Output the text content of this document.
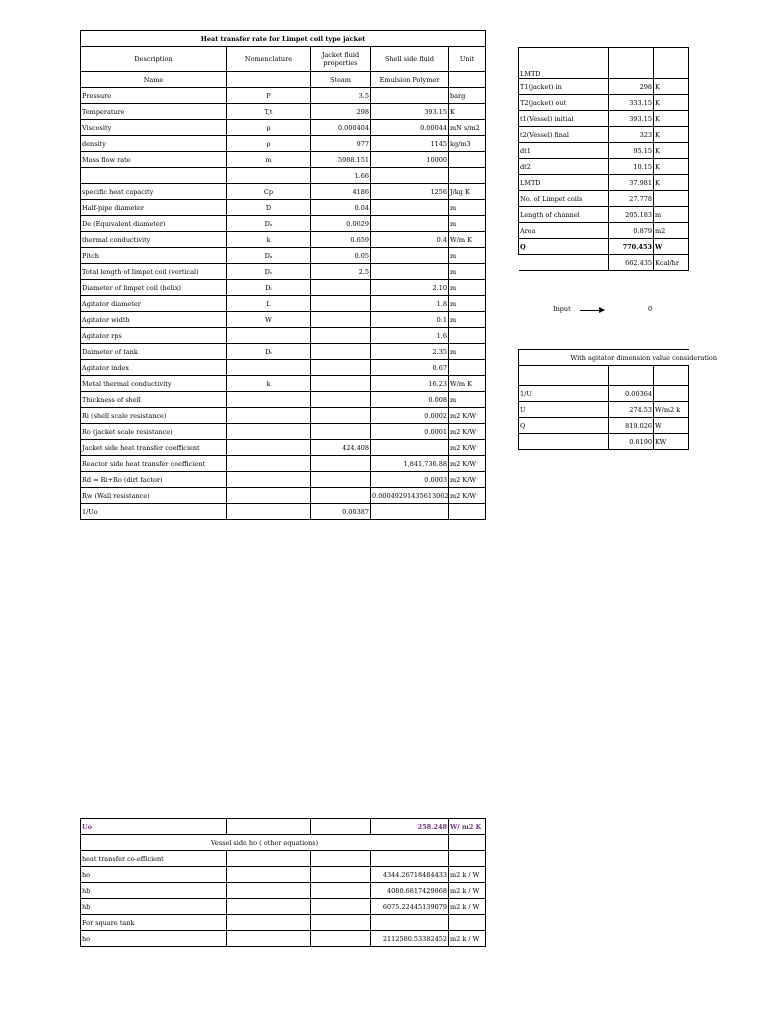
Heat transfer rate for Limpet coil type jacket				
Description	Nomenclature	Jacket fluid properties	Shell side fluid	Unit
Name		Steam	Emulsion Polymer	
Pressure	P	3.5		barg
Temperature	T,t	298	393.15	K
Viscosity	μ	0.000404	0.00044	mN s/m2
density	ρ	977	1145	kg/m3
Mass flow rate	m	5988.151	10000	
		1.66		
specific heat capacity	Cp	4186	1256	J/kg K
Half-pipe diameter	D	0.04		m
De (Equivalent diameter)	Dₑ	0.0629		m
thermal conductivity	k	0.659	0.4	W/m K
Pitch	Dₚ	0.05		m
Total length of limpet coil (vertical)	Dᵥ	2.5		m
Diameter of limpet coil (helix)	Dₗ		2.10	m
Agitator diameter	L		1.8	m
Agitator width	W		0.1	m
Agitator rps			1.6	
Daimeter of tank	Dₜ		2.35	m
Agitator index			0.67	
Metal thermal conductivity	k		16.23	W/m K
Thickness of shell			0.008	m
Ri (shell scale resistance)			0.0002	m2 K/W
Ro (jacket scale resistance)			0.0001	m2 K/W
Jacket side heat transfer coefficient		424.408		m2 K/W
Reactor side heat transfer coefficient			1,841,736.88	m2 K/W
Rd = Ri+Ro (dirt factor)			0.0003	m2 K/W
Rw (Wall resistance)			0.00049291435613062	m2 K/W
1/Uo		0.00387		
LMTD		
T1(jacket) in	298	K
T2(jacket) out	333.15	K
t1(Vessel) initial	393.15	K
t2(Vessel) final	323	K
dt1	95.15	K
dt2	10.15	K
LMTD	37.981	K
No. of Limpet coils	27.778	
Length of channel	205.183	m
Area	0.879	m2
Q	770.453	W
	662.435	Kcal/hr
Input	0
With agitator dimension value consideration		

1/U	0.00364	
U	274.53	W/m2 k
Q	819.026	W
	0.8190	KW
Uo			258.248	W/ m2 K
Vessel side ho ( other equations)				
heat transfer co-efficient				
ho			4344.26718484433	m2 k / W
hb			4080.6817429868	m2 k / W
hb			6075.22445139079	m2 k / W
For square tank				
ho			2112580.53382452	m2 k / W
